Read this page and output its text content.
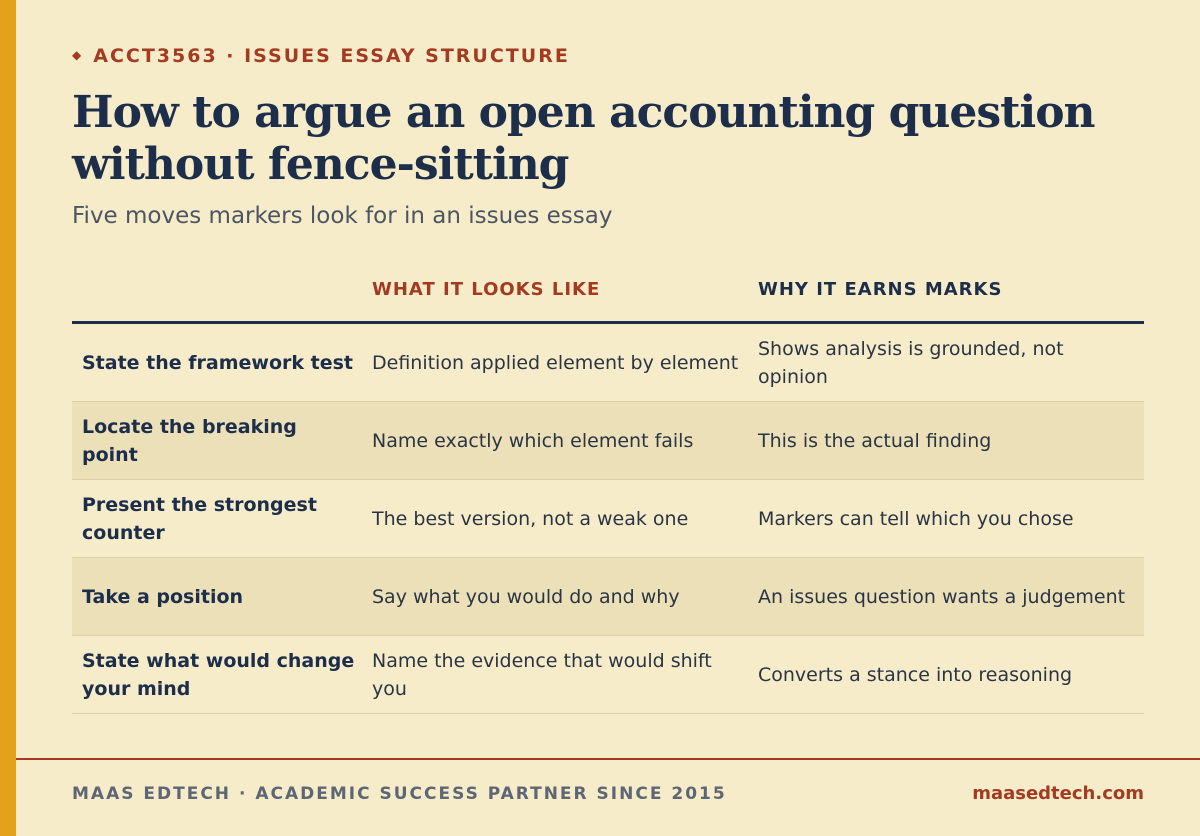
◆ ACCT3563 · ISSUES ESSAY STRUCTURE
How to argue an open accounting question without fence-sitting
Five moves markers look for in an issues essay
	WHAT IT LOOKS LIKE	WHY IT EARNS MARKS
State the framework test	Definition applied element by element	Shows analysis is grounded, not opinion
Locate the breaking point	Name exactly which element fails	This is the actual finding
Present the strongest counter	The best version, not a weak one	Markers can tell which you chose
Take a position	Say what you would do and why	An issues question wants a judgement
State what would change your mind	Name the evidence that would shift you	Converts a stance into reasoning
MAAS EDTECH · ACADEMIC SUCCESS PARTNER SINCE 2015	maasedtech.com
